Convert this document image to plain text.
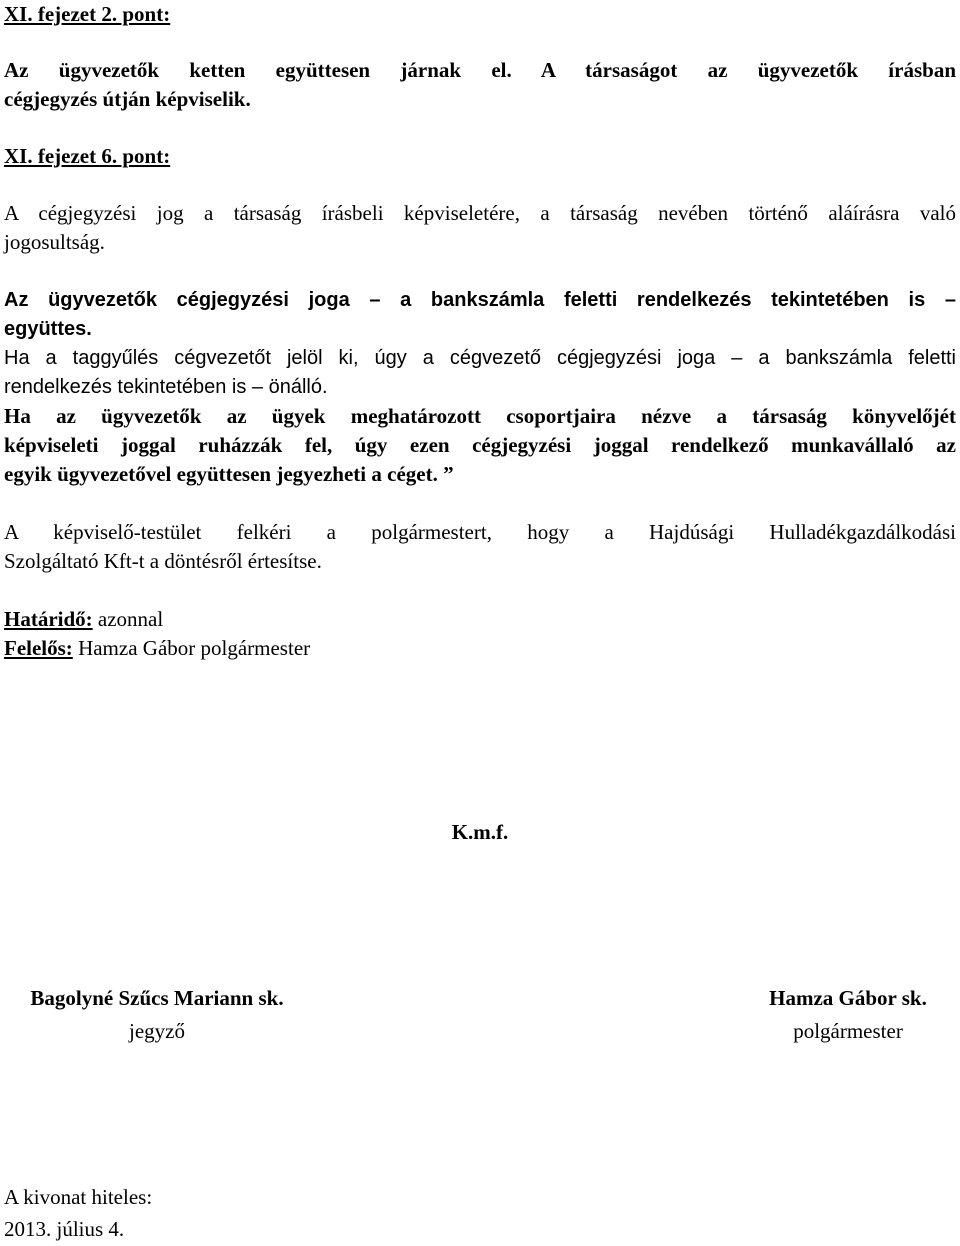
XI. fejezet 2. pont:
Az ügyvezetők ketten együttesen járnak el. A társaságot az ügyvezetők írásban
cégjegyzés útján képviselik.
XI. fejezet 6. pont:
A cégjegyzési jog a társaság írásbeli képviseletére, a társaság nevében történő aláírásra való
jogosultság.
Az ügyvezetők cégjegyzési joga – a bankszámla feletti rendelkezés tekintetében is –
együttes.
Ha a taggyűlés cégvezetőt jelöl ki, úgy a cégvezető cégjegyzési joga – a bankszámla feletti
rendelkezés tekintetében is – önálló.
Ha az ügyvezetők az ügyek meghatározott csoportjaira nézve a társaság könyvelőjét
képviseleti joggal ruházzák fel, úgy ezen cégjegyzési joggal rendelkező munkavállaló az
egyik ügyvezetővel együttesen jegyezheti a céget. ”
A képviselő-testület felkéri a polgármestert, hogy a Hajdúsági Hulladékgazdálkodási
Szolgáltató Kft-t a döntésről értesítse.
Határidő: azonnal
Felelős: Hamza Gábor polgármester
K.m.f.
Bagolyné Szűcs Mariann sk.
jegyző
Hamza Gábor sk.
polgármester
A kivonat hiteles:
2013. július 4.
